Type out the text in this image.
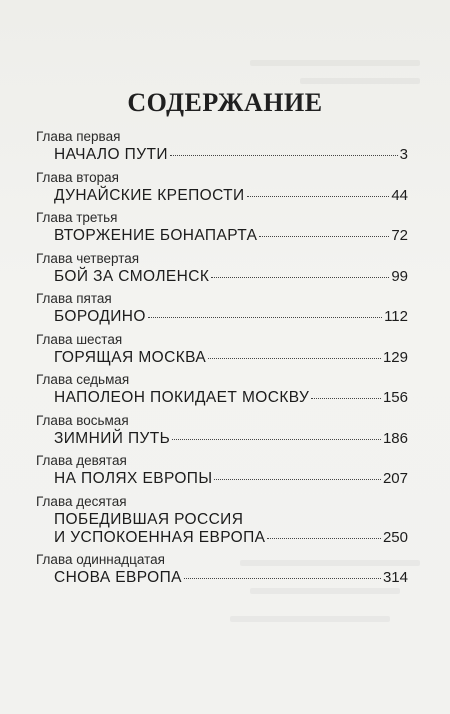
СОДЕРЖАНИЕ
Глава первая
НАЧАЛО ПУТИ	3
Глава вторая
ДУНАЙСКИЕ КРЕПОСТИ	44
Глава третья
ВТОРЖЕНИЕ БОНАПАРТА	72
Глава четвертая
БОЙ ЗА СМОЛЕНСК	99
Глава пятая
БОРОДИНО	112
Глава шестая
ГОРЯЩАЯ МОСКВА	129
Глава седьмая
НАПОЛЕОН ПОКИДАЕТ МОСКВУ	156
Глава восьмая
ЗИМНИЙ ПУТЬ	186
Глава девятая
НА ПОЛЯХ ЕВРОПЫ	207
Глава десятая
ПОБЕДИВШАЯ РОССИЯ
И УСПОКОЕННАЯ ЕВРОПА	250
Глава одиннадцатая
СНОВА ЕВРОПА	314
